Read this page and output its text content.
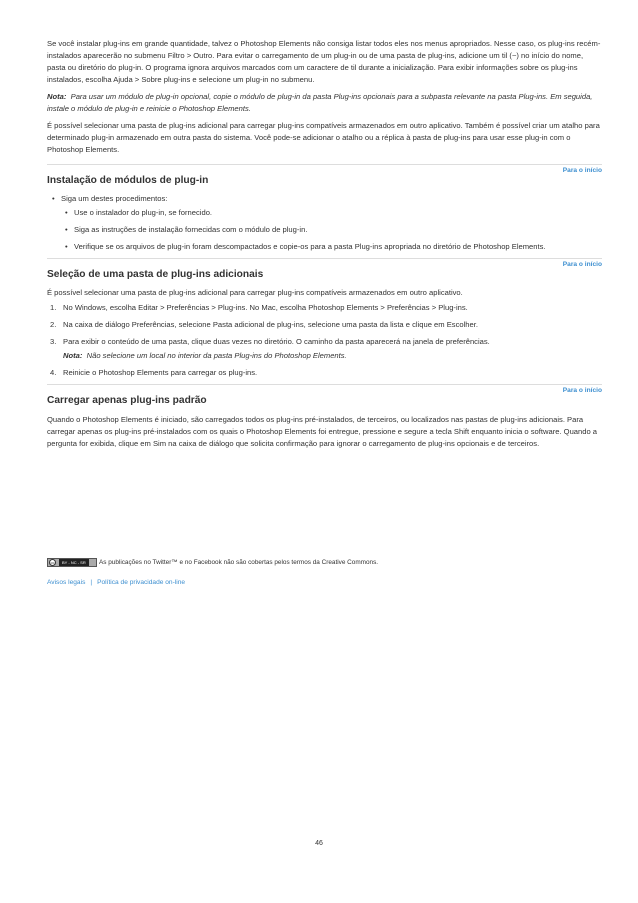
Se você instalar plug-ins em grande quantidade, talvez o Photoshop Elements não consiga listar todos eles nos menus apropriados. Nesse caso, os plug-ins recém-instalados aparecerão no submenu Filtro > Outro. Para evitar o carregamento de um plug-in ou de uma pasta de plug-ins, adicione um til (~) no início do nome, pasta ou diretório do plug-in. O programa ignora arquivos marcados com um caractere de til durante a inicialização. Para exibir informações sobre os plug-ins instalados, escolha Ajuda > Sobre plug-ins e selecione um plug-in no submenu.

Nota: Para usar um módulo de plug-in opcional, copie o módulo de plug-in da pasta Plug-ins opcionais para a subpasta relevante na pasta Plug-ins. Em seguida, instale o módulo de plug-in e reinicie o Photoshop Elements.

É possível selecionar uma pasta de plug-ins adicional para carregar plug-ins compatíveis armazenados em outro aplicativo. Também é possível criar um atalho para determinado plug-in armazenado em outra pasta do sistema. Você pode-se adicionar o atalho ou a réplica à pasta de plug-ins para usar esse plug-in com o Photoshop Elements.

Para o início
Instalação de módulos de plug-in
• Siga um destes procedimentos:
• Use o instalador do plug-in, se fornecido.
• Siga as instruções de instalação fornecidas com o módulo de plug-in.
• Verifique se os arquivos de plug-in foram descompactados e copie-os para a pasta Plug-ins apropriada no diretório de Photoshop Elements.
Para o início
Seleção de uma pasta de plug-ins adicionais

É possível selecionar uma pasta de plug-ins adicional para carregar plug-ins compatíveis armazenados em outro aplicativo.

1. No Windows, escolha Editar > Preferências > Plug-ins. No Mac, escolha Photoshop Elements > Preferências > Plug-ins.
2. Na caixa de diálogo Preferências, selecione Pasta adicional de plug-ins, selecione uma pasta da lista e clique em Escolher.
3. Para exibir o conteúdo de uma pasta, clique duas vezes no diretório. O caminho da pasta aparecerá na janela de preferências.
Nota: Não selecione um local no interior da pasta Plug-ins do Photoshop Elements.
4. Reinicie o Photoshop Elements para carregar os plug-ins.
Para o início
Carregar apenas plug-ins padrão

Quando o Photoshop Elements é iniciado, são carregados todos os plug-ins pré-instalados, de terceiros, ou localizados nas pastas de plug-ins adicionais. Para carregar apenas os plug-ins pré-instalados com os quais o Photoshop Elements foi entregue, pressione e segure a tecla Shift enquanto inicia o software. Quando a pergunta for exibida, clique em Sim na caixa de diálogo que solicita confirmação para ignorar o carregamento de plug-ins opcionais e de terceiros.

cc	BY - NC - SR	As publicações no Twitter™ e no Facebook não são cobertas pelos termos da Creative Commons.
Avisos legais | Política de privacidade on-line
46
